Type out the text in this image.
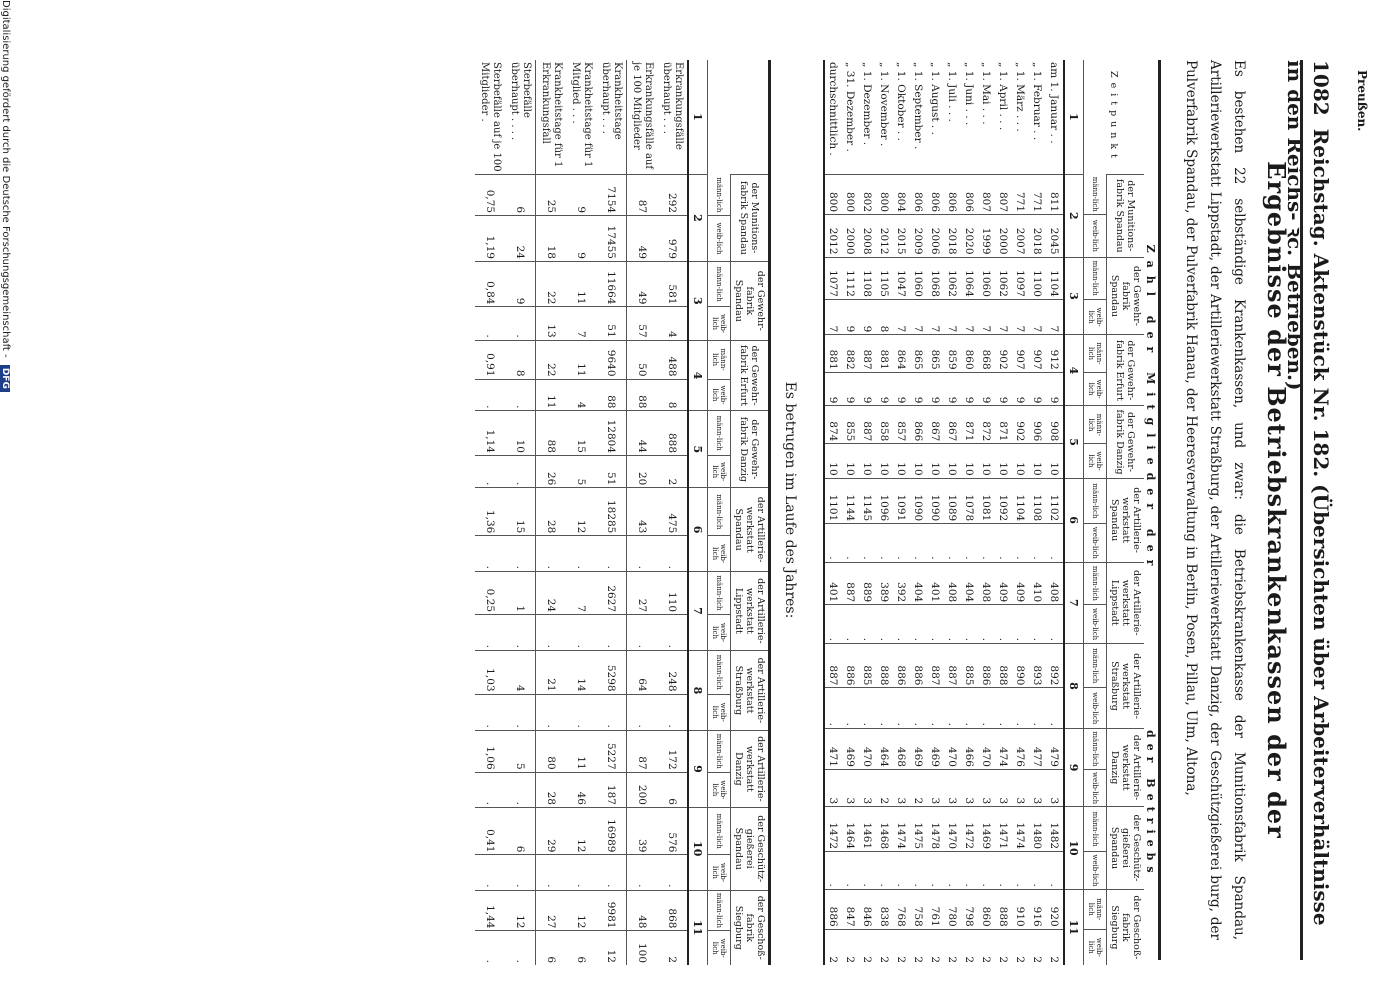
Preußen.
1082 Reichstag. Aktenstück Nr. 182. (Übersichten über Arbeiterverhältnisse in den Reichs- ꝛc. Betrieben.)
Ergebnisse der Betriebskrankenkassen der der
Es bestehen 22 selbständige Krankenkassen, und zwar: die Betriebskrankenkasse der Munitionsfabrik Spandau, Artilleriewerkstatt Lippstadt, der Artilleriewerkstatt Straßburg, der Artilleriewerkstatt Danzig, der Geschützgießerei burg, der Pulverfabrik Spandau, der Pulverfabrik Hanau, der Heeresverwaltung in Berlin, Posen, Pillau, Ulm, Altona,
	Zahl der Mitglieder der												der Betriebs							
Zeitpunkt	der Munitions-fabrik Spandau		der Gewehr-fabrik Spandau		der Gewehr-fabrik Erfurt		der Gewehr-fabrik Danzig		der Artillerie-werkstatt Spandau		der Artillerie-werkstatt Lippstadt		der Artillerie-werkstatt Straßburg		der Artillerie-werkstatt Danzig		der Geschütz-gießerei Spandau		der Geschoß-fabrik Siegburg	
	männ-lich	weib-lich	männ-lich	weib-lich	männ-lich	weib-lich	männ-lich	weib-lich	männ-lich	weib-lich	männ-lich	weib-lich	männ-lich	weib-lich	männ-lich	weib-lich	männ-lich	weib-lich	männ-lich	weib-lich
1	2		3		4		5		6		7		8		9		10		11	
am 1. Januar . .	811	2045	1104	7	912	9	908	10	1102	.	408	.	892	.	479	3	1482	.	920	2
„ 1. Februar . .	771	2018	1100	7	907	9	906	10	1108	.	410	.	893	.	477	3	1480	.	916	2
„ 1. März . . .	771	2007	1097	7	907	9	902	10	1104	.	409	.	890	.	476	3	1474	.	910	2
„ 1. April . . .	807	2000	1062	7	902	9	871	10	1092	.	409	.	888	.	474	3	1471	.	888	2
„ 1. Mai . . .	807	1999	1060	7	868	9	872	10	1081	.	408	.	886	.	470	3	1469	.	860	2
„ 1. Juni . . .	806	2020	1064	7	860	9	871	10	1078	.	404	.	885	.	466	3	1472	.	798	2
„ 1. Juli . . .	806	2018	1062	7	859	9	867	10	1089	.	408	.	887	.	470	3	1470	.	780	2
„ 1. August . .	806	2006	1068	7	865	9	867	10	1090	.	401	.	887	.	469	3	1478	.	761	2
„ 1. September .	806	2009	1060	7	865	9	866	10	1090	.	404	.	886	.	469	2	1475	.	758	2
„ 1. Oktober . .	804	2015	1047	7	864	9	857	10	1091	.	392	.	886	.	468	3	1474	.	768	2
„ 1. November .	800	2012	1105	8	881	9	858	10	1096	.	389	.	888	.	464	2	1468	.	838	2
„ 1. Dezember .	802	2008	1108	9	887	9	887	10	1145	.	889	.	885	.	470	3	1461	.	846	2
„ 31. Dezember .	800	2000	1112	9	882	9	855	10	1144	.	887	.	886	.	469	3	1464	.	847	2
durchschnittlich .	800	2012	1077	7	881	9	874	10	1101	.	401	.	887	.	471	3	1472	.	886	2
Es betrugen im Laufe des Jahres:
	der Munitions-fabrik Spandau		der Gewehr-fabrik Spandau		der Gewehr-fabrik Erfurt		der Gewehr-fabrik Danzig		der Artillerie-werkstatt Spandau		der Artillerie-werkstatt Lippstadt		der Artillerie-werkstatt Straßburg		der Artillerie-werkstatt Danzig		der Geschütz-gießerei Spandau		der Geschoß-fabrik Siegburg	
	männ-lich	weib-lich	männ-lich	weib-lich	männ-lich	weib-lich	männ-lich	weib-lich	männ-lich	weib-lich	männ-lich	weib-lich	männ-lich	weib-lich	männ-lich	weib-lich	männ-lich	weib-lich	männ-lich	weib-lich
1	2		3		4		5		6		7		8		9		10		11	
Erkrankungsfälle überhaupt . . .	292	979	581	4	488	8	888	2	475	.	110	.	248	.	172	6	576	.	868	2
Erkrankungsfälle auf je 100 Mitglieder	87	49	49	57	50	88	44	20	43	.	27	.	64	.	87	200	39	.	48	100
Krankheitstage überhaupt . . .	7154	17455	11664	51	9640	88	12804	51	18285	.	2627	.	5298	.	5227	187	16989	.	9981	12
Krankheitstage für 1 Mitglied . . .	9	9	11	7	11	4	15	5	12	.	7	.	14	.	11	46	12	.	12	6
Krankheitstage für 1 Erkrankungsfall	25	18	22	13	22	11	88	26	28	.	24	.	21	.	80	28	29	.	27	6
Sterbefälle überhaupt . . . .	6	24	9	.	8	.	10	.	15	.	1	.	4	.	5	.	6	.	12	.
Sterbefälle auf je 100 Mitglieder .	0,75	1,19	0,84	.	0,91	.	1,14	.	1,36	.	0,25	.	1,03	.	1,06	.	0,41	.	1,44	.
Digitalisierung gefördert durch die Deutsche Forschungsgemeinschaft - DFG
